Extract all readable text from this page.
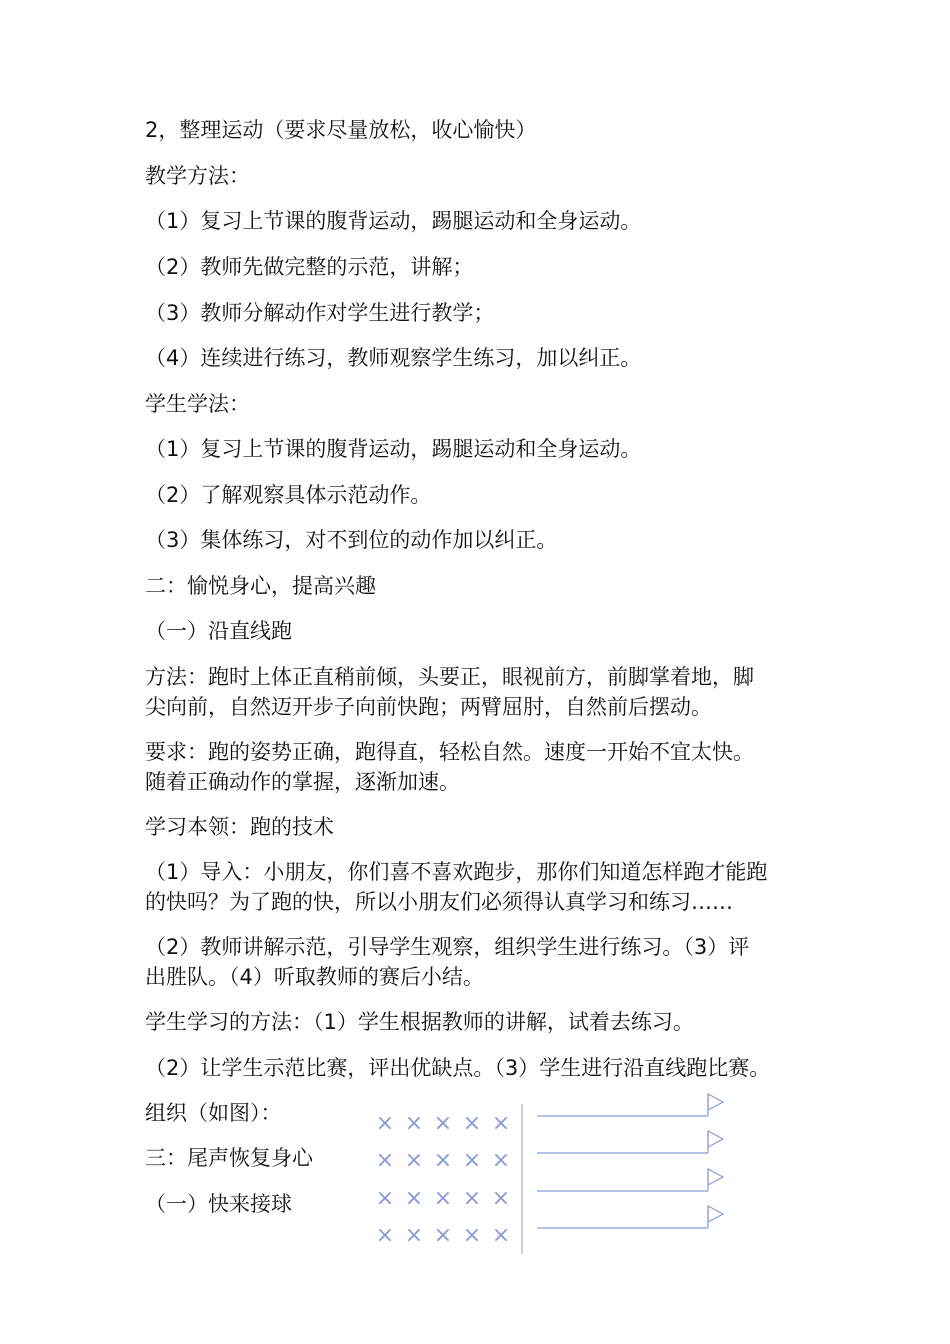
2，整理运动（要求尽量放松，收心愉快）
教学方法：
（1）复习上节课的腹背运动，踢腿运动和全身运动。
（2）教师先做完整的示范，讲解；
（3）教师分解动作对学生进行教学；
（4）连续进行练习，教师观察学生练习，加以纠正。
学生学法：
（1）复习上节课的腹背运动，踢腿运动和全身运动。
（2）了解观察具体示范动作。
（3）集体练习，对不到位的动作加以纠正。
二：愉悦身心，提高兴趣
（一）沿直线跑
方法：跑时上体正直稍前倾，头要正，眼视前方，前脚掌着地，脚
尖向前，自然迈开步子向前快跑；两臂屈肘，自然前后摆动。
要求：跑的姿势正确，跑得直，轻松自然。速度一开始不宜太快。
随着正确动作的掌握，逐渐加速。
学习本领：跑的技术
（1）导入：小朋友，你们喜不喜欢跑步，那你们知道怎样跑才能跑
的快吗？为了跑的快，所以小朋友们必须得认真学习和练习……
（2）教师讲解示范，引导学生观察，组织学生进行练习。（3）评
出胜队。（4）听取教师的赛后小结。
学生学习的方法：（1）学生根据教师的讲解，试着去练习。
（2）让学生示范比赛，评出优缺点。（3）学生进行沿直线跑比赛。
组织（如图）：
三：尾声恢复身心
（一）快来接球
× × × × ×
× × × × ×
× × × × ×
× × × × ×
